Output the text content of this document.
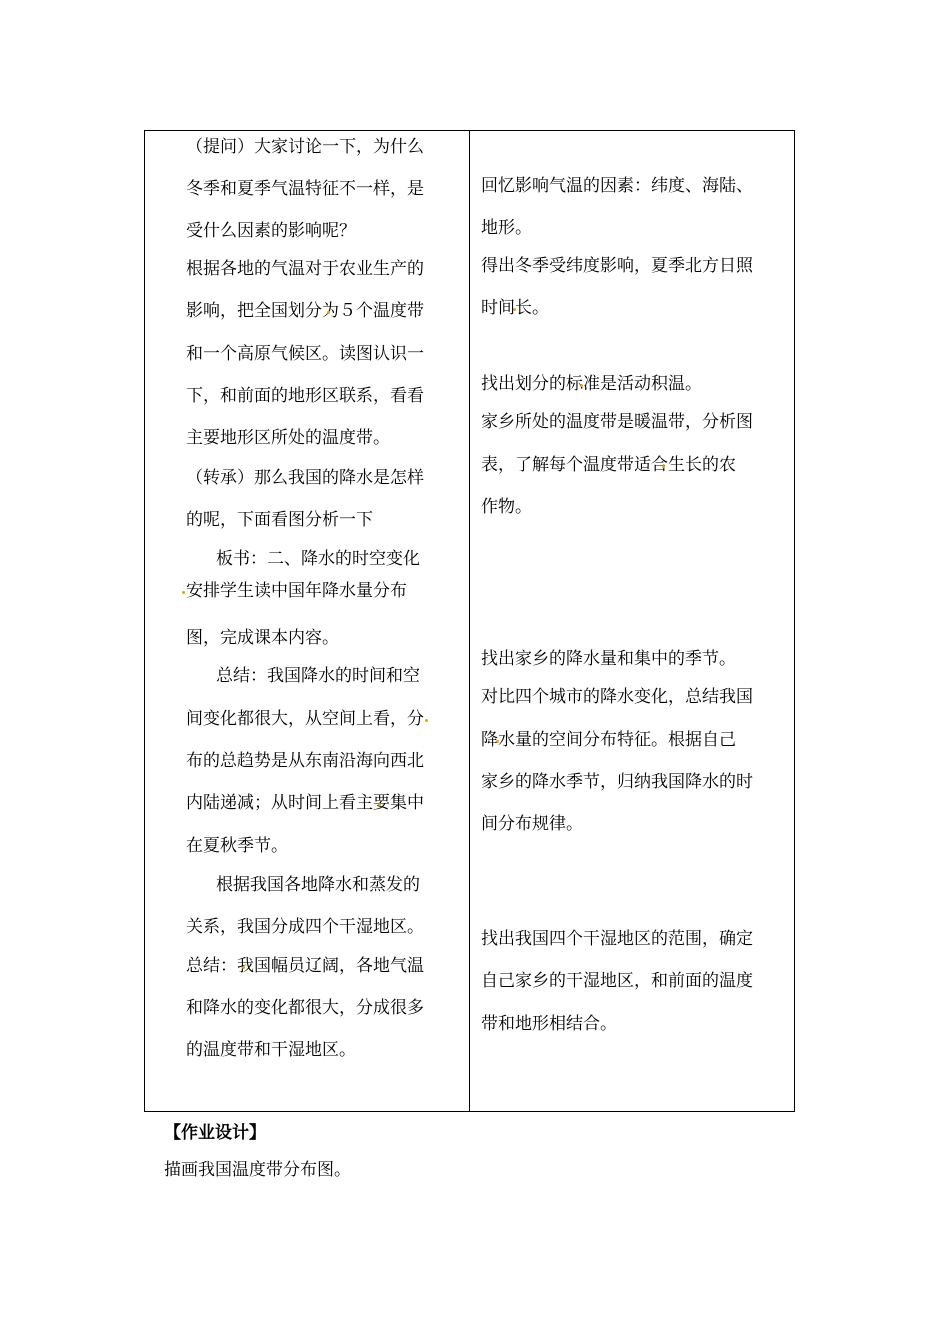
（提问）大家讨论一下，为什么
冬季和夏季气温特征不一样，是
受什么因素的影响呢？
根据各地的气温对于农业生产的
影响，把全国划分为５个温度带
和一个高原气候区。读图认识一
下，和前面的地形区联系，看看
主要地形区所处的温度带。
（转承）那么我国的降水是怎样
的呢，下面看图分析一下
板书：二、降水的时空变化
安排学生读中国年降水量分布
图，完成课本内容。
总结：我国降水的时间和空
间变化都很大，从空间上看，分
布的总趋势是从东南沿海向西北
内陆递减；从时间上看主要集中
在夏秋季节。
根据我国各地降水和蒸发的
关系，我国分成四个干湿地区。
总结：我国幅员辽阔，各地气温
和降水的变化都很大，分成很多
的温度带和干湿地区。
回忆影响气温的因素：纬度、海陆、
地形。
得出冬季受纬度影响，夏季北方日照
时间长。
找出划分的标准是活动积温。
家乡所处的温度带是暖温带，分析图
表，了解每个温度带适合生长的农
作物。
找出家乡的降水量和集中的季节。
对比四个城市的降水变化，总结我国
降水量的空间分布特征。根据自己
家乡的降水季节，归纳我国降水的时
间分布规律。
找出我国四个干湿地区的范围，确定
自己家乡的干湿地区，和前面的温度
带和地形相结合。
【作业设计】
描画我国温度带分布图。
